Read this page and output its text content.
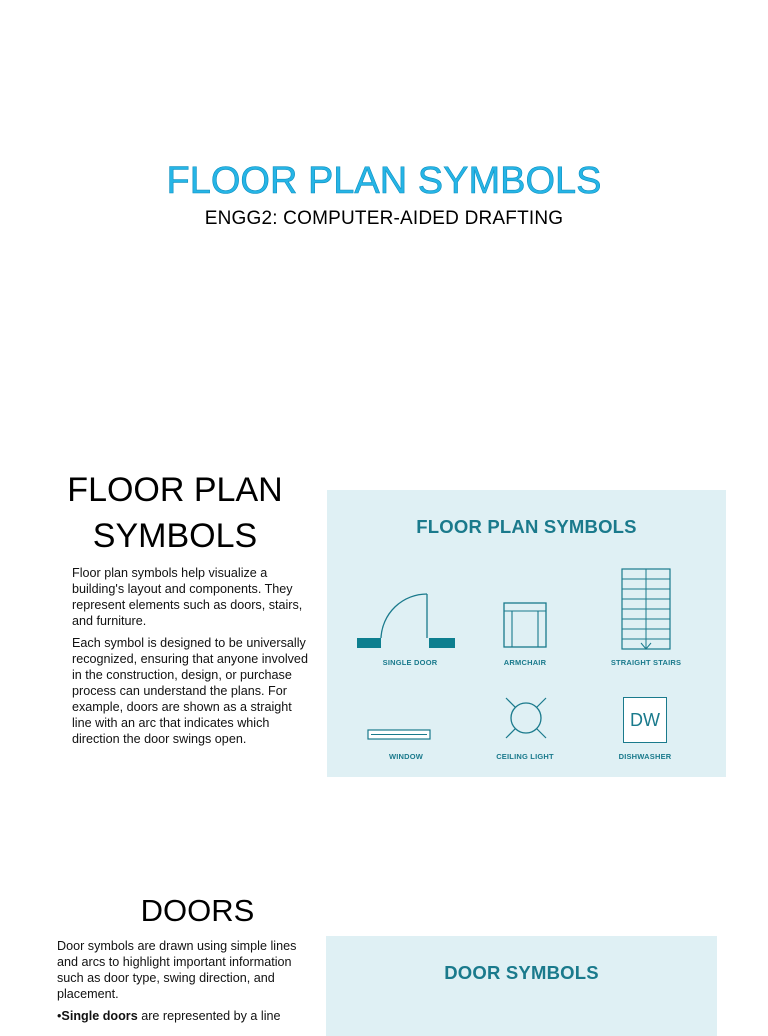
FLOOR PLAN SYMBOLS
ENGG2: COMPUTER-AIDED DRAFTING
FLOOR PLAN
SYMBOLS
Floor plan symbols help visualize a building's layout and components. They represent elements such as doors, stairs, and furniture.
Each symbol is designed to be universally recognized, ensuring that anyone involved in the construction, design, or purchase process can understand the plans. For example, doors are shown as a straight line with an arc that indicates which direction the door swings open.
FLOOR PLAN SYMBOLS
SINGLE DOOR	ARMCHAIR	STRAIGHT STAIRS
WINDOW	CEILING LIGHT
DW
DISHWASHER
DOORS
Door symbols are drawn using simple lines and arcs to highlight important information such as door type, swing direction, and placement.
•Single doors are represented by a line
DOOR SYMBOLS
